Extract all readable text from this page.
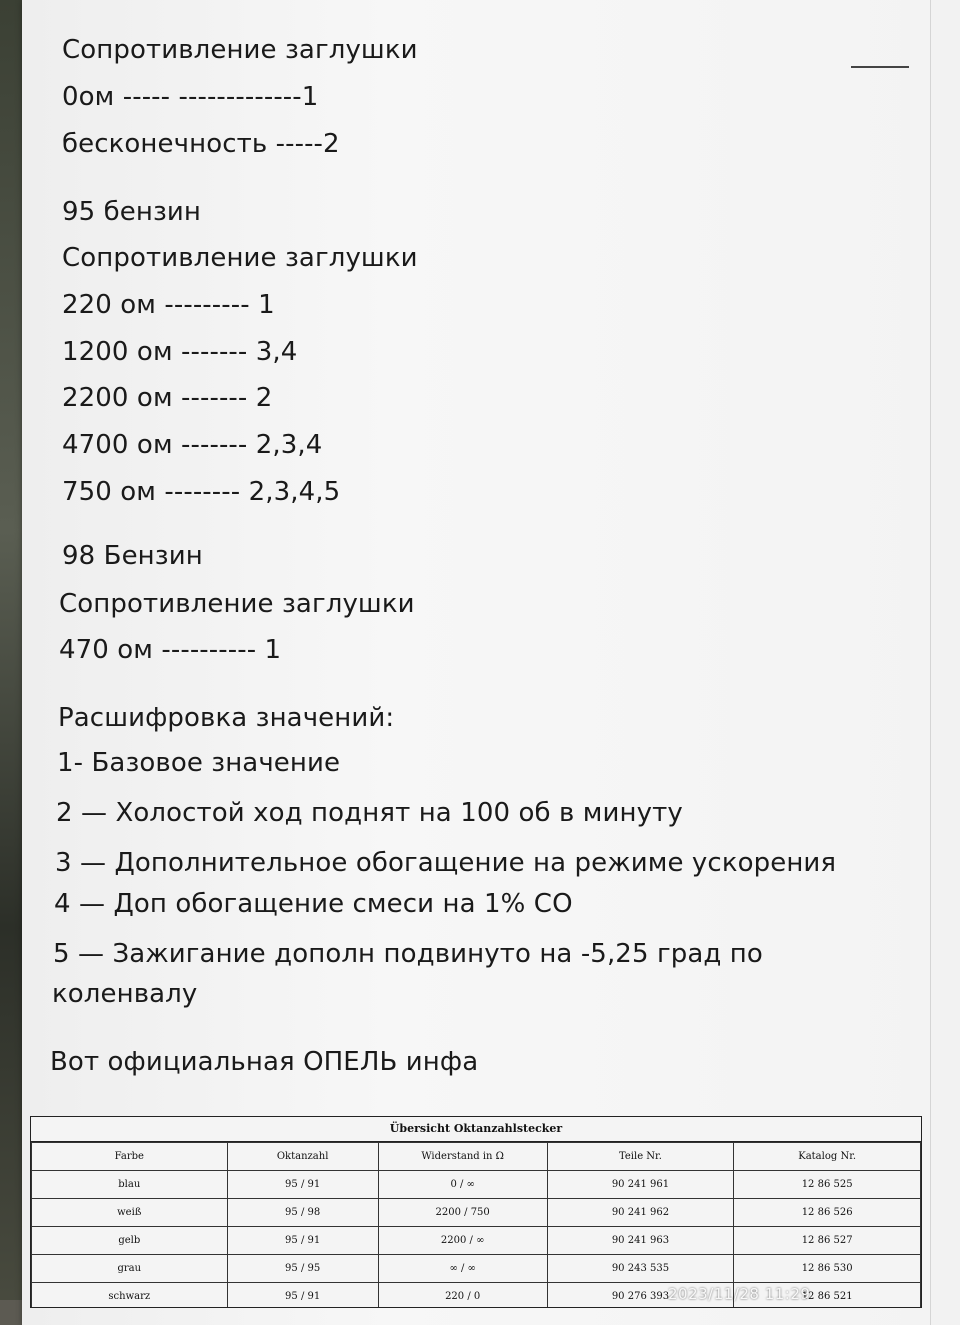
Сопротивление заглушки

0ом ----- -------------1

бесконечность -----2

95 бензин

Сопротивление заглушки

220 ом --------- 1

1200 ом ------- 3,4

2200 ом ------- 2

4700 ом ------- 2,3,4

750 ом -------- 2,3,4,5

98 Бензин

Сопротивление заглушки

470 ом ---------- 1

Расшифровка значений:

1- Базовое значение

2 — Холостой ход поднят на 100 об в минуту

3 — Дополнительное обогащение на режиме ускорения

4 — Доп обогащение смеси на 1% CO

5 — Зажигание дополн подвинуто на -5,25 град по

коленвалу

Вот официальная ОПЕЛЬ инфа

Übersicht Oktanzahlstecker
Farbe	Oktanzahl	Widerstand in Ω	Teile Nr.	Katalog Nr.
blau	95 / 91	0 / ∞	90 241 961	12 86 525
weiß	95 / 98	2200 / 750	90 241 962	12 86 526
gelb	95 / 91	2200 / ∞	90 241 963	12 86 527
grau	95 / 95	∞ / ∞	90 243 535	12 86 530
schwarz	95 / 91	220 / 0	90 276 393	12 86 521
2023/11/28 11:29
